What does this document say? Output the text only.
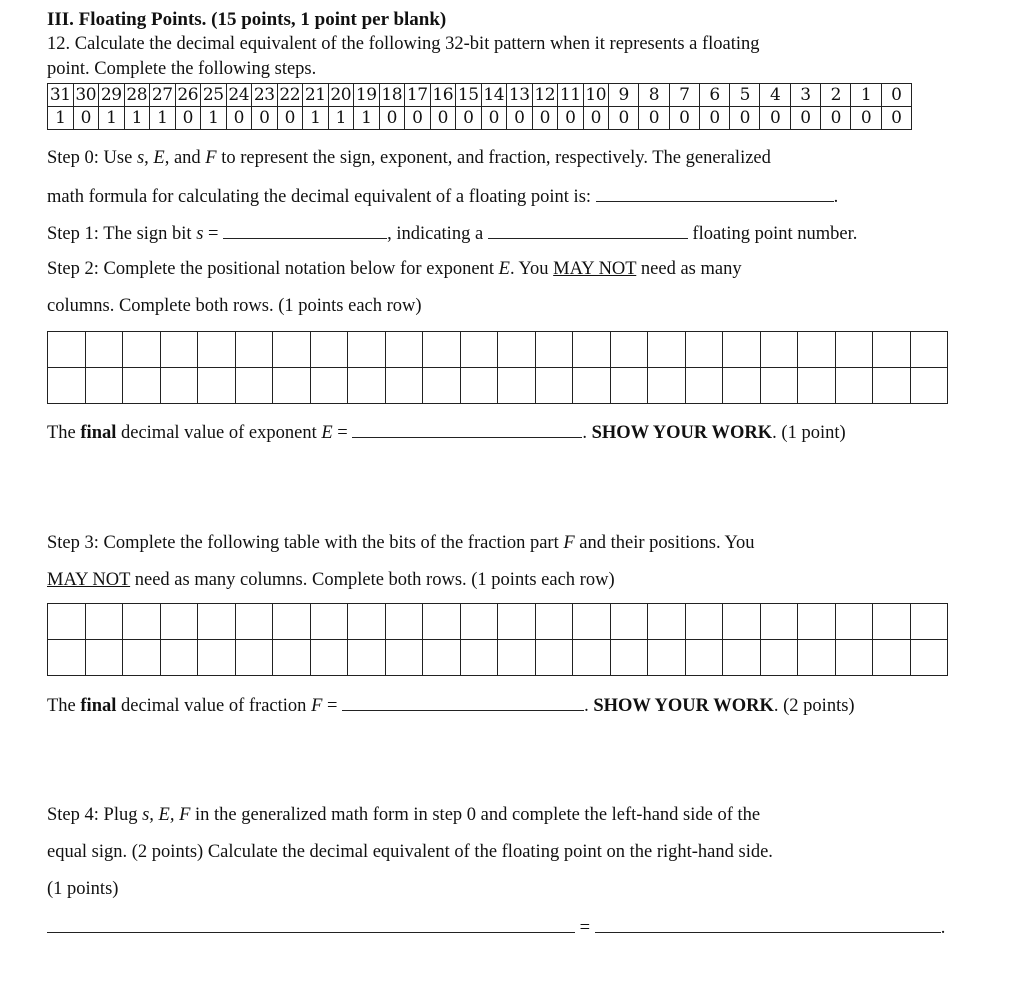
III. Floating Points. (15 points, 1 point per blank)
12. Calculate the decimal equivalent of the following 32-bit pattern when it represents a floating
point. Complete the following steps.
31	30	29	28	27	26	25	24	23	22	21	20	19	18	17	16	15	14	13	12	11	10	9	8	7	6	5	4	3	2	1	0
1	0	1	1	1	0	1	0	0	0	1	1	1	0	0	0	0	0	0	0	0	0	0	0	0	0	0	0	0	0	0	0
Step 0: Use s, E, and F to represent the sign, exponent, and fraction, respectively. The generalized
math formula for calculating the decimal equivalent of a floating point is:	.
Step 1: The sign bit s =	, indicating a	floating point number.
Step 2: Complete the positional notation below for exponent E. You MAY NOT need as many
columns. Complete both rows. (1 points each row)

The final decimal value of exponent E =	. SHOW YOUR WORK. (1 point)
Step 3: Complete the following table with the bits of the fraction part F and their positions. You
MAY NOT need as many columns. Complete both rows. (1 points each row)

The final decimal value of fraction F =	. SHOW YOUR WORK. (2 points)
Step 4: Plug s, E, F in the generalized math form in step 0 and complete the left-hand side of the
equal sign. (2 points) Calculate the decimal equivalent of the floating point on the right-hand side.
(1 points)
=	.
